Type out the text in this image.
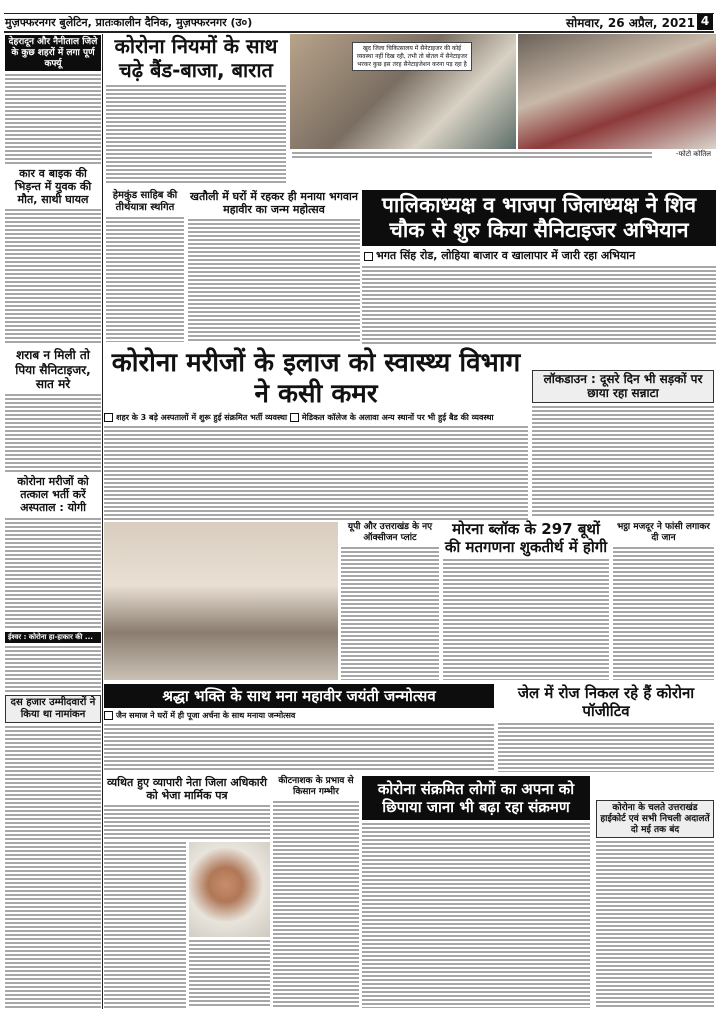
मुज़फ्फरनगर बुलेटिन, प्रातःकालीन दैनिक, मुज़फ्फरनगर (उ०)	सोमवार, 26 अप्रैल, 2021 4
देहरादून और नैनीताल जिले के कुछ शहरों में लगा पूर्ण कर्फ्यू
कार व बाइक की भिड़न्त में युवक की मौत, साथी घायल
शराब न मिली तो पिया सैनिटाइजर, सात मरे
कोरोना मरीजों को तत्काल भर्ती करें अस्पताल : योगी
ईश्वर : कोरोना हा-हाकार की ...
दस हजार उम्मीदवारों ने किया था नामांकन
कोरोना नियमों के साथ चढ़े बैंड-बाजा, बारात
खुद जिला चिकित्सालय में सैनेटाइजर की कोई व्यवस्था नहीं दिख रही, तभी तो बोतल में सैनेटाइजर भरकर कुछ इस तरह सैनेटाइजेशन करना पड़ रहा है
-फोटो कोतिल
हेमकुंड साहिब की तीर्थयात्रा स्थगित
खतौली में घरों में रहकर ही मनाया भगवान महावीर का जन्म महोत्सव	पालिकाध्यक्ष व भाजपा जिलाध्यक्ष ने शिव चौक से शुरु किया सैनिटाइजर अभियान
भगत सिंह रोड, लोहिया बाजार व खालापार में जारी रहा अभियान
कोरोना मरीजों के इलाज को स्वास्थ्य विभाग ने कसी कमर
शहर के 3 बड़े अस्पतालों में शुरू हुई संक्रमित भर्ती व्यवस्था मेडिकल कॉलेज के अलावा अन्य स्थानों पर भी हुई बैड की व्यवस्था
लॉकडाउन : दूसरे दिन भी सड़कों पर छाया रहा सन्नाटा
यूपी और उत्तराखंड के नए ऑक्सीजन प्लांट	मोरना ब्लॉक के 297 बूथों की मतगणना शुकतीर्थ में होगी
भट्ठा मजदूर ने फांसी लगाकर दी जान
श्रद्धा भक्ति के साथ मना महावीर जयंती जन्मोत्सव
जैन समाज ने घरों में ही पूजा अर्चना के साथ मनाया जन्मोत्सव
जेल में रोज निकल रहे हैं कोरोना पॉजीटिव
व्यथित हुए व्यापारी नेता जिला अधिकारी को भेजा मार्मिक पत्र
कीटनाशक के प्रभाव से किसान गम्भीर	कोरोना संक्रमित लोगों का अपना को छिपाया जाना भी बढ़ा रहा संक्रमण	कोरोना के चलते उत्तराखंड हाईकोर्ट एवं सभी निचली अदालतें दो मई तक बंद
